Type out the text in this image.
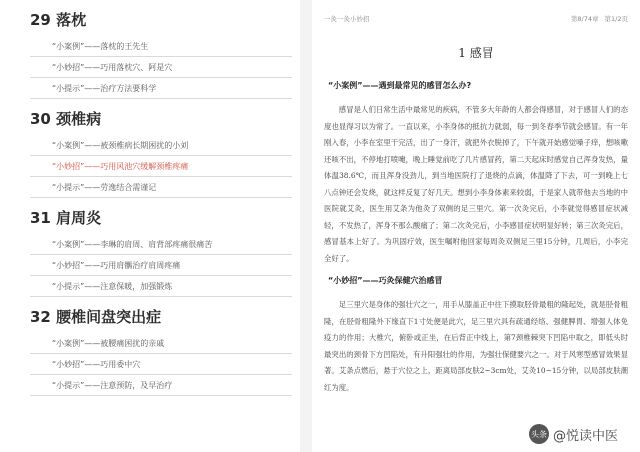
29 落枕
“小案例”——落枕的王先生
“小妙招”——巧用落枕穴、阿是穴
“小提示”——治疗方法要科学
30 颈椎病
“小案例”——被颈椎病长期困扰的小刘
“小妙招”——巧用风池穴缓解颈椎疼痛
“小提示”——劳逸结合需谨记
31 肩周炎
“小案例”——李琳的肩周、肩背部疼痛很痛苦
“小妙招”——巧用肩髃治疗肩周疼痛
“小提示”——注意保暖，加强锻炼
32 腰椎间盘突出症
“小案例”——被腰痛困扰的亲戚
“小妙招”——巧用委中穴
“小提示”——注意预防，及早治疗
一灸一灸小妙招	第8/74章 第1/2页
1 感冒
“小案例”——遇到最常见的感冒怎么办?

感冒是人们日常生活中最常见的疾病，不管多大年龄的人都会得感冒，对于感冒人们的态度也显得习以为常了。一直以来，小李身体的抵抗力就弱，每一到冬春季节就会感冒。有一年刚入春，小李在室里干完活，出了一身汗，就把外衣脱掉了，下午就开始感觉嗓子痒，想咳嗽还咳不出，不停地打喷嚏，晚上睡觉前吃了几片感冒药，第二天起床时感觉自己浑身发热，量体温38.6℃，而且浑身没劲儿，到当地医院打了退烧的点滴，体温降了下去，可一到晚上七八点钟还会发烧，就这样反复了好几天。想到小李身体素来较弱，于是家人就带他去当地的中医院就艾灸，医生用艾条为他灸了双侧的足三里穴。第一次灸完后，小李就觉得感冒症状减轻，不发热了，浑身不那么酸痛了；第二次灸完后，小李感冒症状明显好转；第三次灸完后，感冒基本上好了。为巩固疗效，医生嘱咐他回家每周灸双侧足三里15分钟，几周后，小李完全好了。

“小妙招”——巧灸保健穴治感冒

足三里穴是身体的强壮穴之一，用手从膝盖正中往下摸取胫骨最粗的隆起处，就是胫骨粗隆，在胫骨粗隆外下缘直下1寸处便是此穴，足三里穴具有疏通经络、强健脾胃、增强人体免疫力的作用；大椎穴，俯卧或正坐，在后背正中线上，第7颈椎棘突下凹陷中取之，即低头时最突出的颈骨下方凹陷处，有升阳强壮的作用，为强壮保健要穴之一。对于风寒型感冒效果显著。艾条点燃后，悬于穴位之上，距离局部皮肤2~3cm处，艾灸10~15分钟，以局部皮肤潮红为度。

头条 @悦读中医
